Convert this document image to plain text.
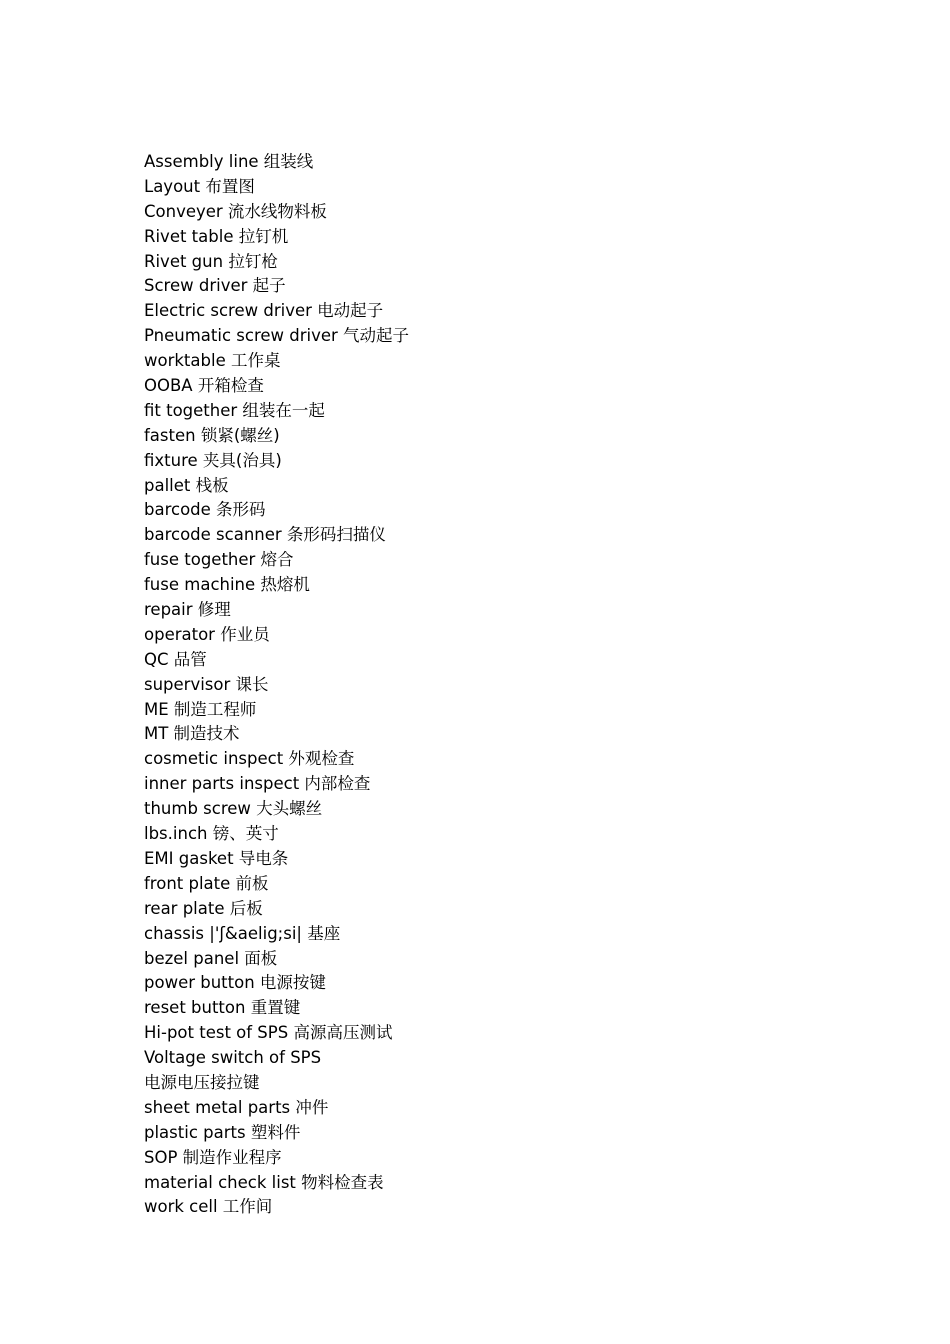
Assembly line 组装线
Layout 布置图
Conveyer 流水线物料板
Rivet table 拉钉机
Rivet gun 拉钉枪
Screw driver 起子
Electric screw driver 电动起子
Pneumatic screw driver 气动起子
worktable 工作桌
OOBA 开箱检查
fit together 组装在一起
fasten 锁紧(螺丝)
fixture 夹具(治具)
pallet 栈板
barcode 条形码
barcode scanner 条形码扫描仪
fuse together 熔合
fuse machine 热熔机
repair 修理
operator 作业员
QC 品管
supervisor 课长
ME 制造工程师
MT 制造技术
cosmetic inspect 外观检查
inner parts inspect 内部检查
thumb screw 大头螺丝
lbs.inch 镑、英寸
EMI gasket 导电条
front plate 前板
rear plate 后板
chassis |'ʃ&aelig;si| 基座
bezel panel 面板
power button 电源按键
reset button 重置键
Hi-pot test of SPS 高源高压测试
Voltage switch of SPS
电源电压接拉键
sheet metal parts 冲件
plastic parts 塑料件
SOP 制造作业程序
material check list 物料检查表
work cell 工作间
